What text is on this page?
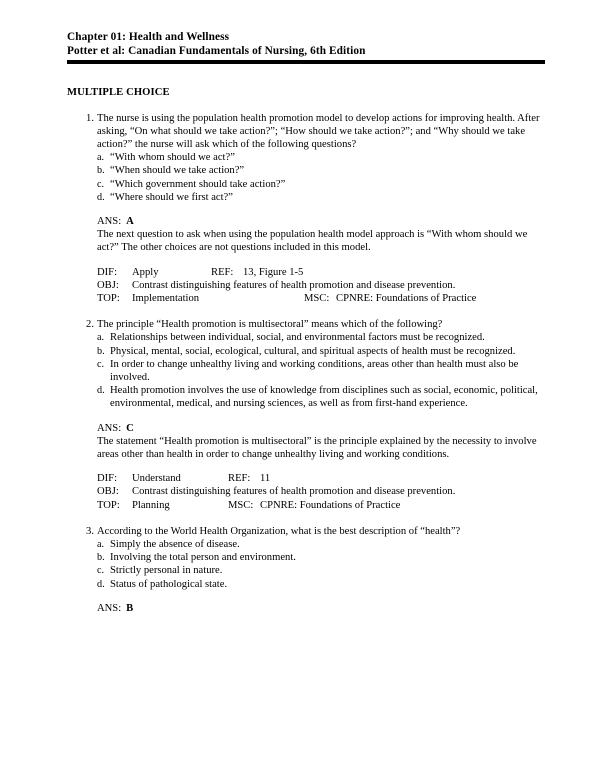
Chapter 01: Health and Wellness
Potter et al: Canadian Fundamentals of Nursing, 6th Edition
MULTIPLE CHOICE
1. The nurse is using the population health promotion model to develop actions for improving health. After asking, “On what should we take action?”; “How should we take action?”; and “Why should we take action?” the nurse will ask which of the following questions?
a. “With whom should we act?”
b. “When should we take action?”
c. “Which government should take action?”
d. “Where should we first act?”
ANS: A
The next question to ask when using the population health model approach is “With whom should we act?” The other choices are not questions included in this model.
DIF: Apply	REF: 13, Figure 1-5
OBJ: Contrast distinguishing features of health promotion and disease prevention.
TOP: Implementation	MSC: CPNRE: Foundations of Practice
2. The principle “Health promotion is multisectoral” means which of the following?
a. Relationships between individual, social, and environmental factors must be recognized.
b. Physical, mental, social, ecological, cultural, and spiritual aspects of health must be recognized.
c. In order to change unhealthy living and working conditions, areas other than health must also be involved.
d. Health promotion involves the use of knowledge from disciplines such as social, economic, political, environmental, medical, and nursing sciences, as well as from first-hand experience.
ANS: C
The statement “Health promotion is multisectoral” is the principle explained by the necessity to involve areas other than health in order to change unhealthy living and working conditions.
DIF: Understand	REF: 11
OBJ: Contrast distinguishing features of health promotion and disease prevention.
TOP: Planning	MSC: CPNRE: Foundations of Practice
3. According to the World Health Organization, what is the best description of “health”?
a. Simply the absence of disease.
b. Involving the total person and environment.
c. Strictly personal in nature.
d. Status of pathological state.
ANS: B
